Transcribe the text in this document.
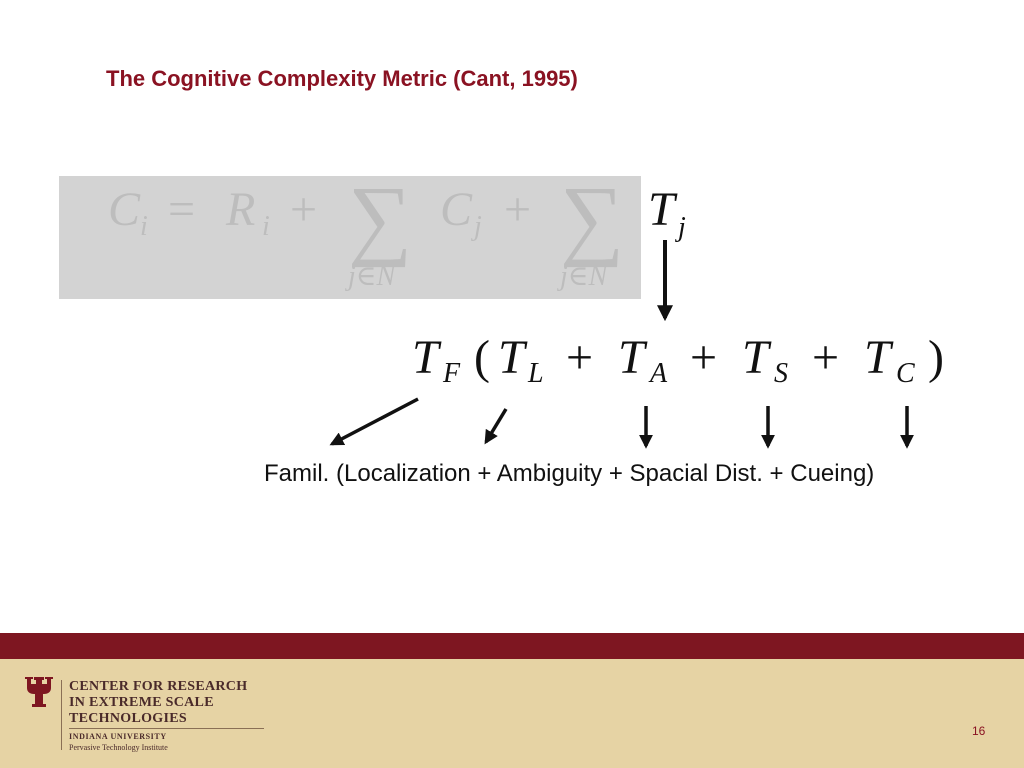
The Cognitive Complexity Metric (Cant, 1995)
C i = R i + ∑
j∈N
C j + ∑
j∈N
T j
T F ( T L + T A + T S + T C )
Famil. (Localization + Ambiguity + Spacial Dist. + Cueing)
CENTER FOR RESEARCH
IN EXTREME SCALE
TECHNOLOGIES
INDIANA UNIVERSITY
Pervasive Technology Institute
16
